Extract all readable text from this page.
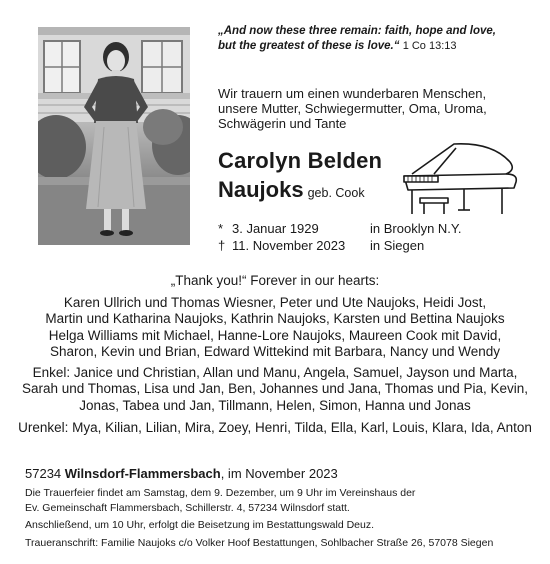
„And now these three remain: faith, hope and love,
but the greatest of these is love.“ 1 Co 13:13
Wir trauern um einen wunderbaren Menschen,
unsere Mutter, Schwiegermutter, Oma, Uroma,
Schwägerin und Tante
Carolyn Belden
Naujoks geb. Cook
* 3. Januar 1929	in Brooklyn N.Y.
† 11. November 2023	in Siegen

„Thank you!“ Forever in our hearts:

Karen Ullrich und Thomas Wiesner, Peter und Ute Naujoks, Heidi Jost,

Martin und Katharina Naujoks, Kathrin Naujoks, Karsten und Bettina Naujoks

Helga Williams mit Michael, Hanne-Lore Naujoks, Maureen Cook mit David,

Sharon, Kevin und Brian, Edward Wittekind mit Barbara, Nancy und Wendy

Enkel: Janice und Christian, Allan und Manu, Angela, Samuel, Jayson und Marta,

Sarah und Thomas, Lisa und Jan, Ben, Johannes und Jana, Thomas und Pia, Kevin,

Jonas, Tabea und Jan, Tillmann, Helen, Simon, Hanna und Jonas

Urenkel: Mya, Kilian, Lilian, Mira, Zoey, Henri, Tilda, Ella, Karl, Louis, Klara, Ida, Anton

57234 Wilnsdorf-Flammersbach, im November 2023
Die Trauerfeier findet am Samstag, dem 9. Dezember, um 9 Uhr im Vereinshaus der
Ev. Gemeinschaft Flammersbach, Schillerstr. 4, 57234 Wilnsdorf statt.
Anschließend, um 10 Uhr, erfolgt die Beisetzung im Bestattungswald Deuz.
Traueranschrift: Familie Naujoks c/o Volker Hoof Bestattungen, Sohlbacher Straße 26, 57078 Siegen
